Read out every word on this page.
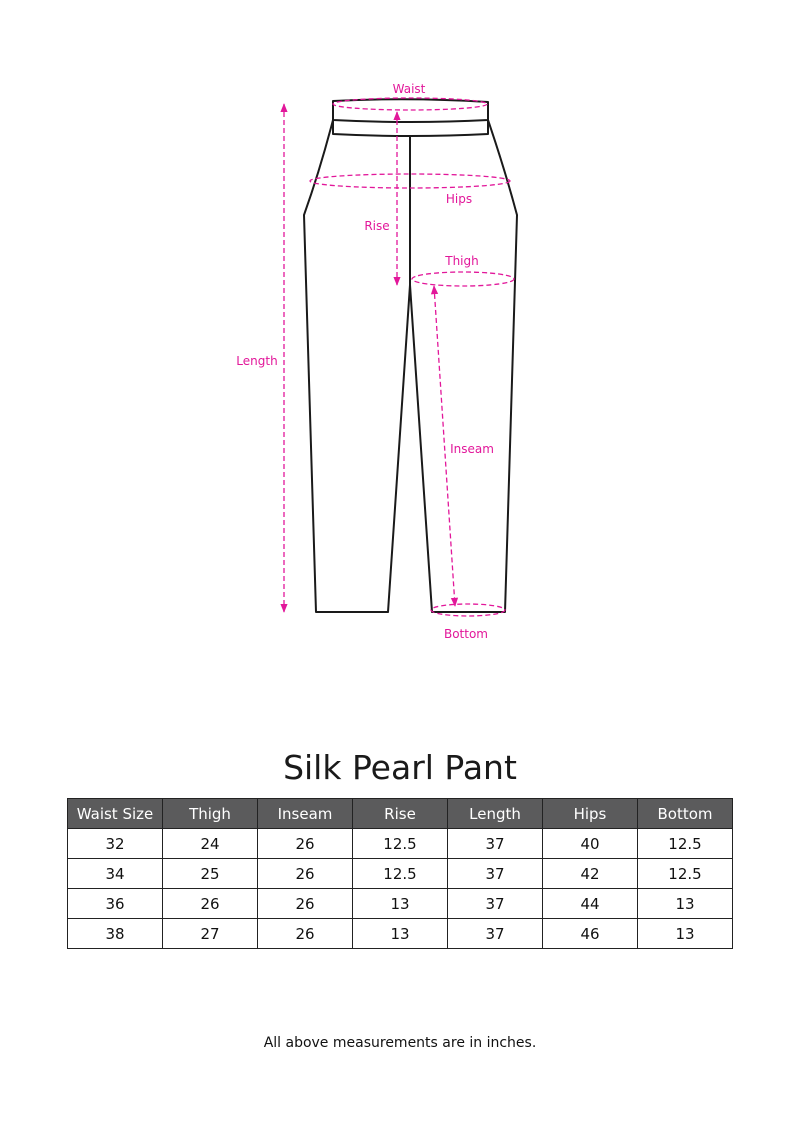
Waist
Hips
Rise
Thigh
Length
Inseam
Bottom
Silk Pearl Pant
Waist Size	Thigh	Inseam	Rise	Length	Hips	Bottom
32	24	26	12.5	37	40	12.5
34	25	26	12.5	37	42	12.5
36	26	26	13	37	44	13
38	27	26	13	37	46	13

All above measurements are in inches.
